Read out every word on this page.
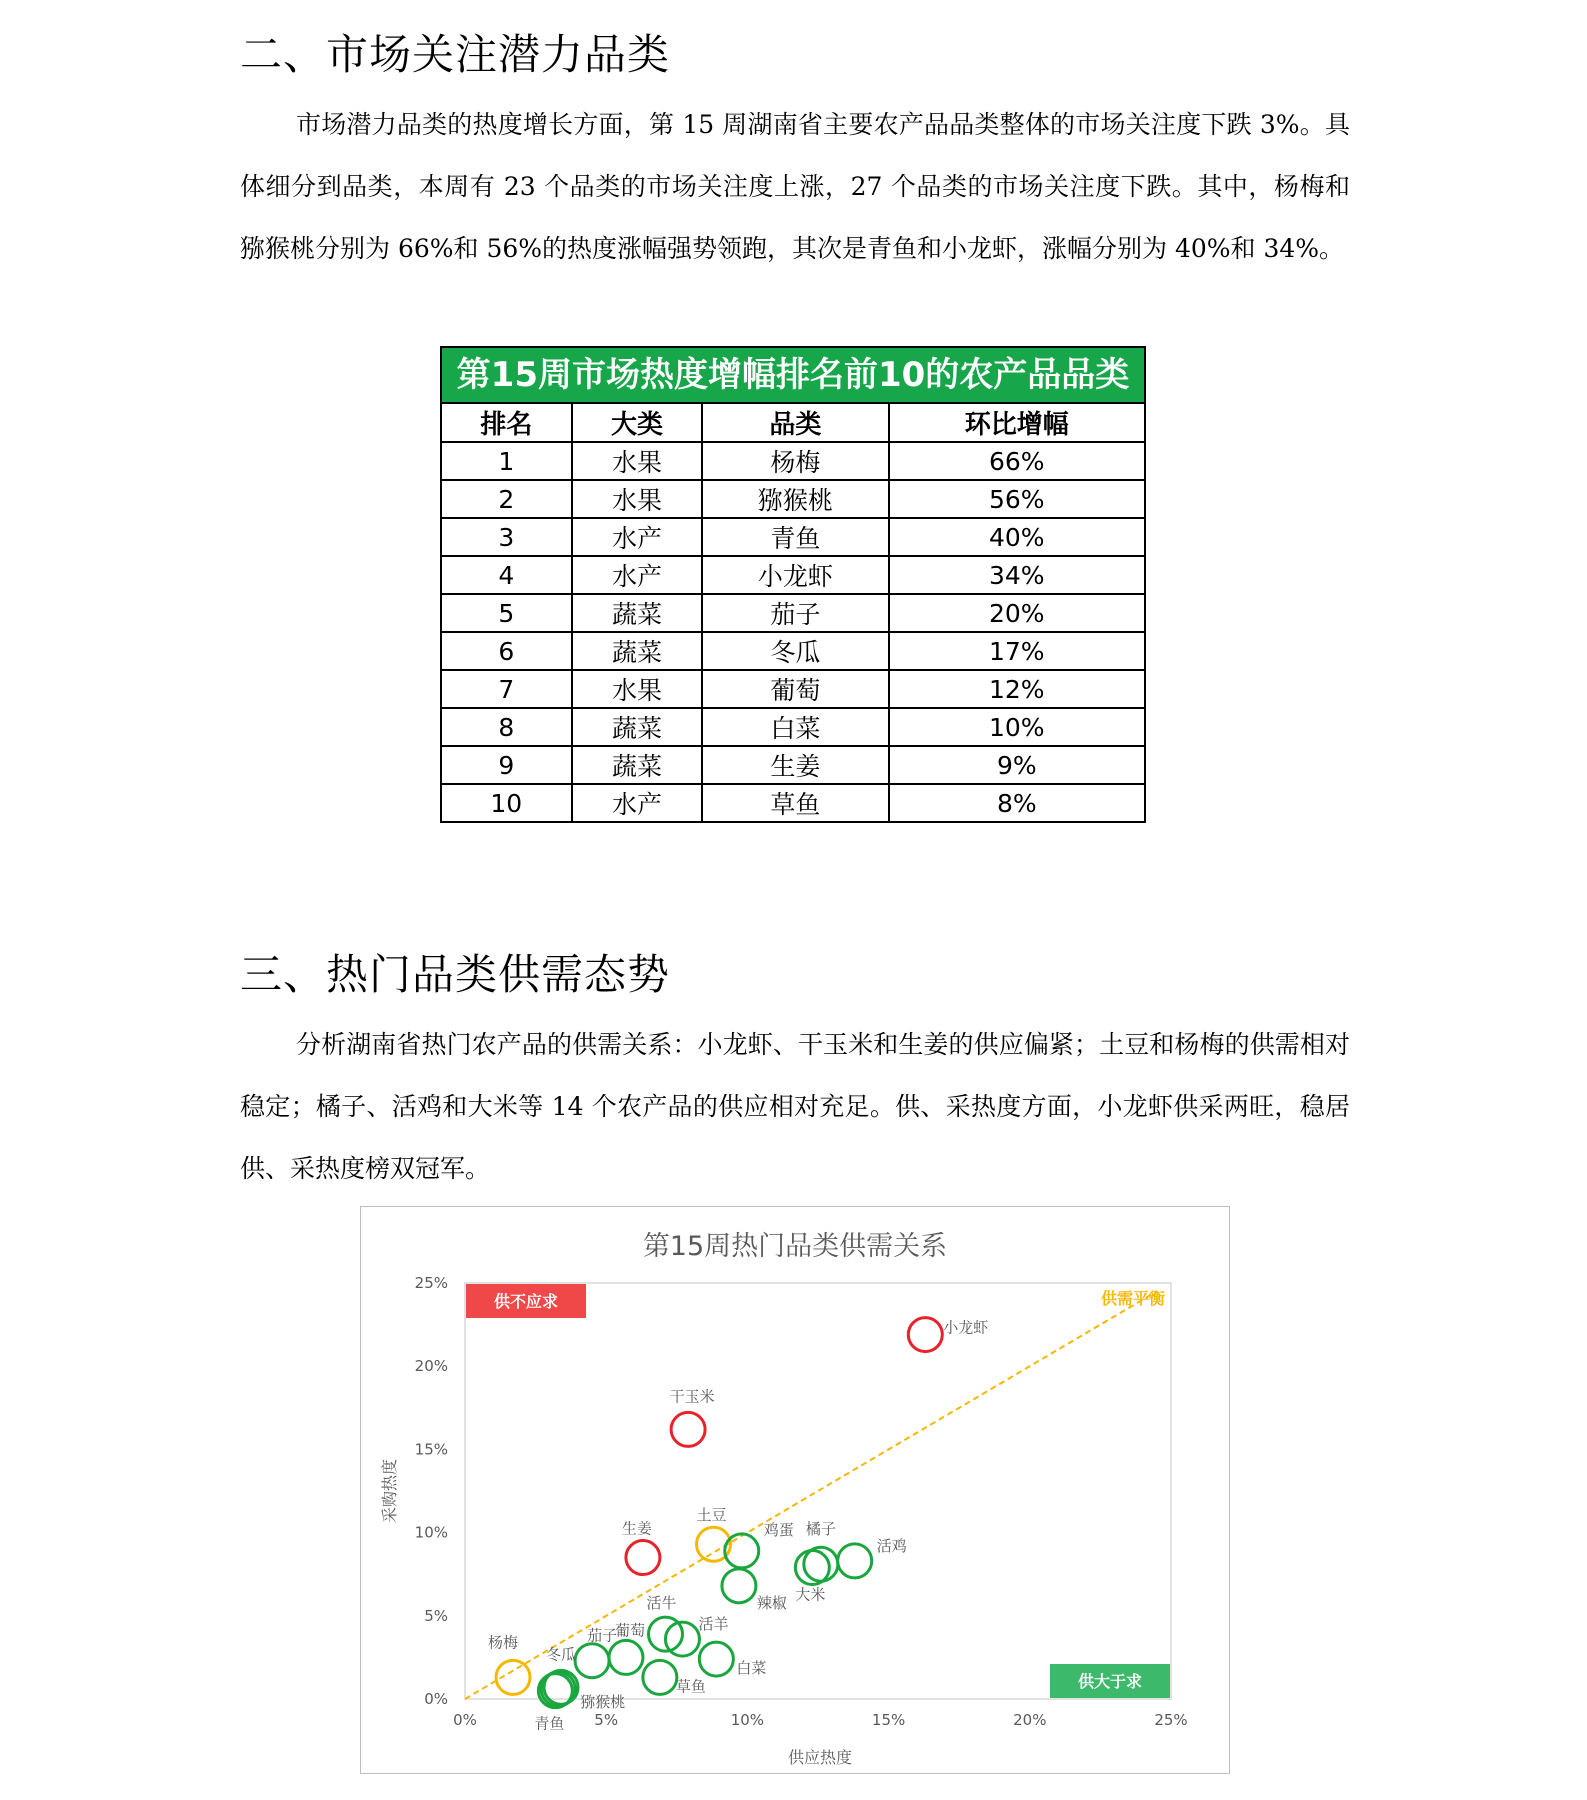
二、市场关注潜力品类

市场潜力品类的热度增长方面，第 15 周湖南省主要农产品品类整体的市场关注度下跌 3%。具体细分到品类，本周有 23 个品类的市场关注度上涨，27 个品类的市场关注度下跌。其中，杨梅和猕猴桃分别为 66%和 56%的热度涨幅强势领跑，其次是青鱼和小龙虾，涨幅分别为 40%和 34%。

第15周市场热度增幅排名前10的农产品品类
排名	大类	品类	环比增幅
1	水果	杨梅	66%
2	水果	猕猴桃	56%
3	水产	青鱼	40%
4	水产	小龙虾	34%
5	蔬菜	茄子	20%
6	蔬菜	冬瓜	17%
7	水果	葡萄	12%
8	蔬菜	白菜	10%
9	蔬菜	生姜	9%
10	水产	草鱼	8%
三、热门品类供需态势

分析湖南省热门农产品的供需关系：小龙虾、干玉米和生姜的供应偏紧；土豆和杨梅的供需相对稳定；橘子、活鸡和大米等 14 个农产品的供应相对充足。供、采热度方面，小龙虾供采两旺，稳居供、采热度榜双冠军。

第15周热门品类供需关系
0%
5%
10%
15%
20%
25%
0%	5%	10%	15%	20%	25%
供不应求
供大于求
供需平衡
小龙虾
干玉米
生姜
土豆
杨梅
鸡蛋 橘子
活鸡
大米
辣椒
活牛
活羊
茄子
葡萄
白菜
草鱼
冬瓜
青鱼
猕猴桃
供应热度
采购热度
